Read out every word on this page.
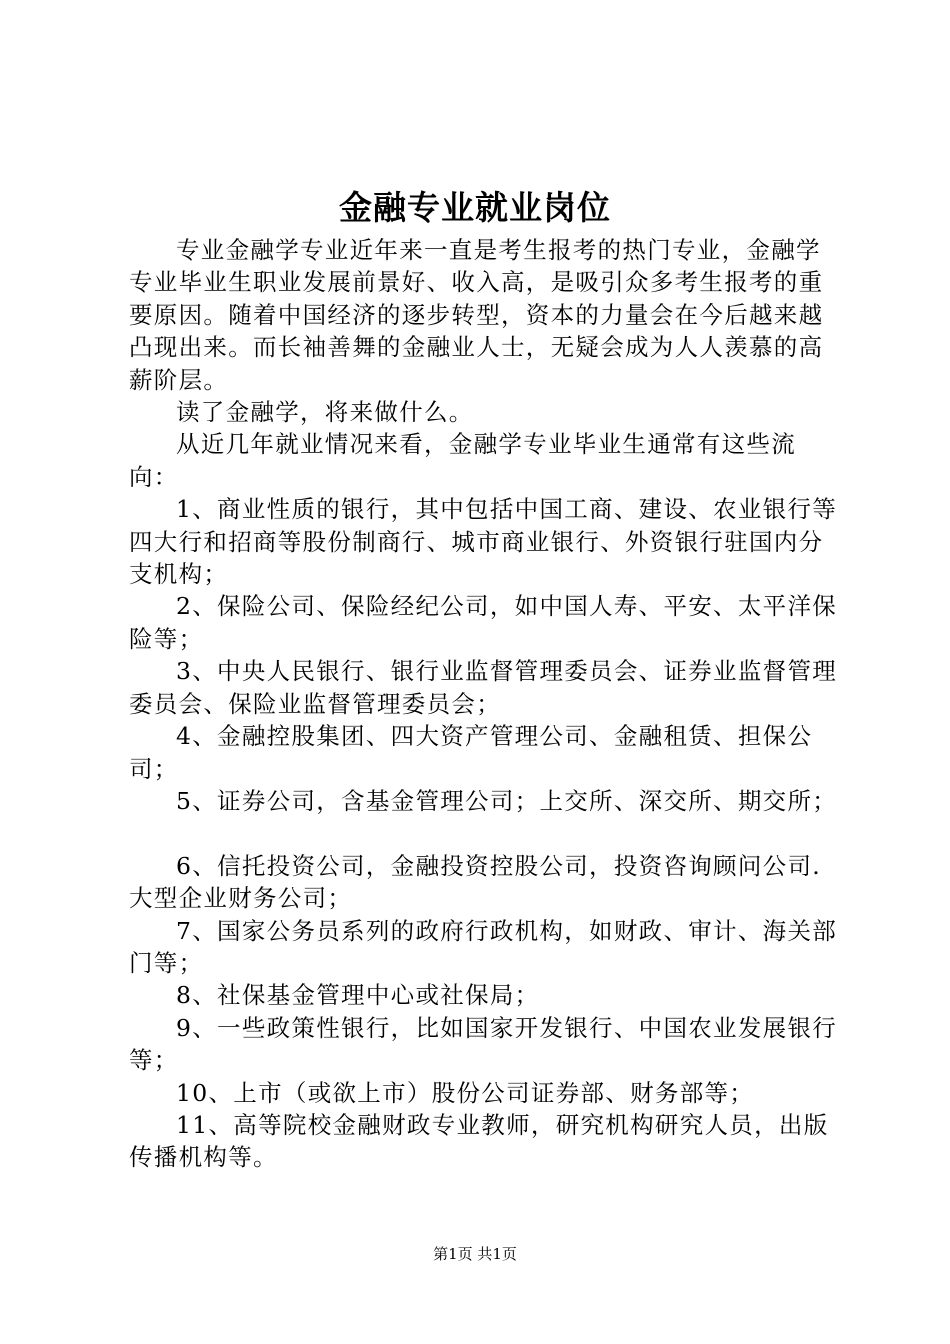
金融专业就业岗位

专业金融学专业近年来一直是考生报考的热门专业，金融学专业毕业生职业发展前景好、收入高，是吸引众多考生报考的重要原因。随着中国经济的逐步转型，资本的力量会在今后越来越凸现出来。而长袖善舞的金融业人士，无疑会成为人人羡慕的高薪阶层。

读了金融学，将来做什么。

从近几年就业情况来看，金融学专业毕业生通常有这些流向：

1、商业性质的银行，其中包括中国工商、建设、农业银行等四大行和招商等股份制商行、城市商业银行、外资银行驻国内分支机构；

2、保险公司、保险经纪公司，如中国人寿、平安、太平洋保险等；

3、中央人民银行、银行业监督管理委员会、证券业监督管理委员会、保险业监督管理委员会；

4、金融控股集团、四大资产管理公司、金融租赁、担保公司；

5、证券公司，含基金管理公司；上交所、深交所、期交所；

6、信托投资公司，金融投资控股公司，投资咨询顾问公司.大型企业财务公司；

7、国家公务员系列的政府行政机构，如财政、审计、海关部门等；

8、社保基金管理中心或社保局；

9、一些政策性银行，比如国家开发银行、中国农业发展银行等；

10、上市（或欲上市）股份公司证券部、财务部等；

11、高等院校金融财政专业教师，研究机构研究人员，出版传播机构等。

第1页 共1页
